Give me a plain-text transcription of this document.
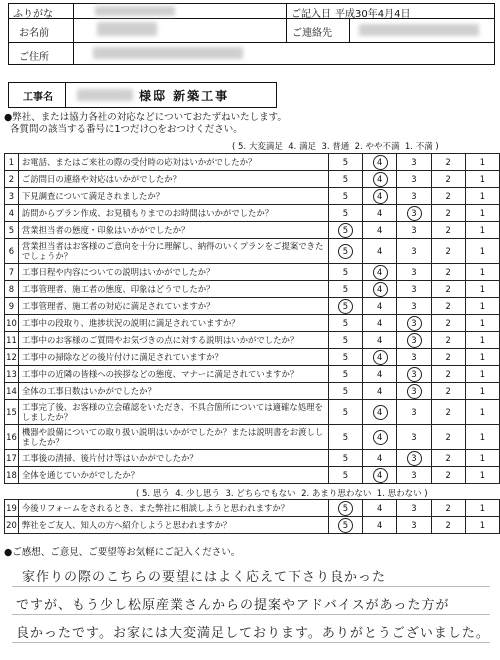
ふりがな
お名前
ご住所
ご記入日 平成30年4月4日
ご連絡先
工事名	様邸 新築工事
●弊社、または協力各社の対応などについておたずねいたします。
各質問の該当する番号に1つだけ○をおつけください。
( 5. 大変満足  4. 満足  3. 普通  2. やや不満  1. 不満 )
1	お電話、またはご来社の際の受付時の応対はいかがでしたか？	5	4	3	2	1
2	ご訪問日の連絡や対応はいかがでしたか？	5	4	3	2	1
3	下見調査について満足されましたか？	5	4	3	2	1
4	訪問からプラン作成、お見積もりまでのお時間はいかがでしたか？	5	4	3	2	1
5	営業担当者の態度・印象はいかがでしたか？	5	4	3	2	1
6	営業担当者はお客様のご意向を十分に理解し、納得のいくプランをご提案できたでしょうか？	5	4	3	2	1
7	工事日程や内容についての説明はいかがでしたか？	5	4	3	2	1
8	工事管理者、施工者の態度、印象はどうでしたか？	5	4	3	2	1
9	工事管理者、施工者の対応に満足されていますか？	5	4	3	2	1
10	工事中の段取り、進捗状況の説明に満足されていますか？	5	4	3	2	1
11	工事中のお客様のご質問やお気づきの点に対する説明はいかがでしたか？	5	4	3	2	1
12	工事中の掃除などの後片付けに満足されていますか？	5	4	3	2	1
13	工事中の近隣の皆様への挨拶などの態度、マナーに満足されていますか？	5	4	3	2	1
14	全体の工事日数はいかがでしたか？	5	4	3	2	1
15	工事完了後、お客様の立会確認をいただき、不具合箇所については適確な処理をしましたか？	5	4	3	2	1
16	機器や設備についての取り扱い説明はいかがでしたか？または説明書をお渡ししましたか？	5	4	3	2	1
17	工事後の清掃、後片付け等はいかがでしたか？	5	4	3	2	1
18	全体を通じていかがでしたか？	5	4	3	2	1
( 5. 思う  4. 少し思う  3. どちらでもない  2. あまり思わない  1. 思わない )
19	今後リフォームをされるとき、また弊社に相談しようと思われますか？	5	4	3	2	1
20	弊社をご友人、知人の方へ紹介しようと思われますか？	5	4	3	2	1
●ご感想、ご意見、ご要望等お気軽にご記入ください。
家作りの際のこちらの要望にはよく応えて下さり良かった
ですが、もう少し松原産業さんからの提案やアドバイスがあった方が
良かったです。お家には大変満足しております。ありがとうございました。
